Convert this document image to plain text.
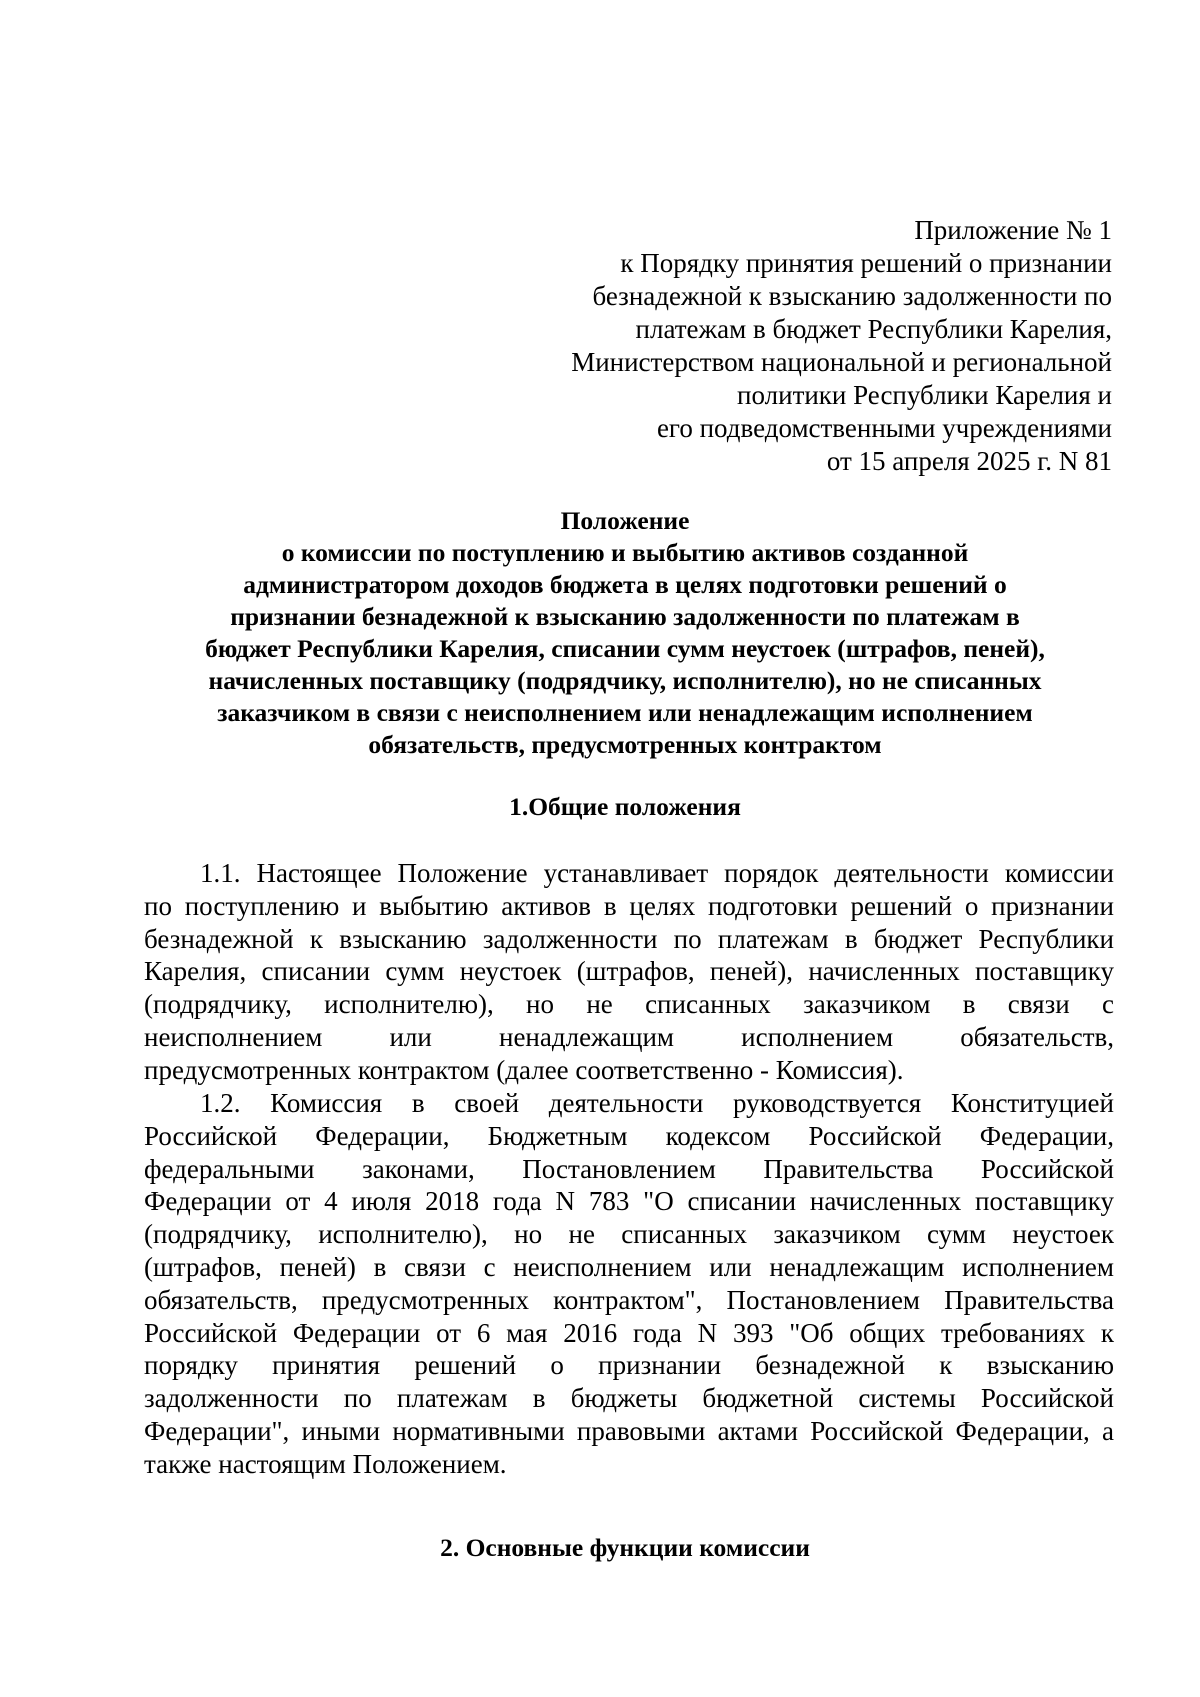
Приложение № 1
к Порядку принятия решений о признании
безнадежной к взысканию задолженности по
платежам в бюджет Республики Карелия,
Министерством национальной и региональной
политики Республики Карелия и
его подведомственными учреждениями
от 15 апреля 2025 г. N 81
Положение
о комиссии по поступлению и выбытию активов созданной
администратором доходов бюджета в целях подготовки решений о
признании безнадежной к взысканию задолженности по платежам в
бюджет Республики Карелия, списании сумм неустоек (штрафов, пеней),
начисленных поставщику (подрядчику, исполнителю), но не списанных
заказчиком в связи с неисполнением или ненадлежащим исполнением
обязательств, предусмотренных контрактом
1.Общие положения
1.1. Настоящее Положение устанавливает порядок деятельности комиссии
по поступлению и выбытию активов в целях подготовки решений о признании
безнадежной к взысканию задолженности по платежам в бюджет Республики
Карелия, списании сумм неустоек (штрафов, пеней), начисленных поставщику
(подрядчику, исполнителю), но не списанных заказчиком в связи с
неисполнением или ненадлежащим исполнением обязательств,
предусмотренных контрактом (далее соответственно - Комиссия).
1.2. Комиссия в своей деятельности руководствуется Конституцией
Российской Федерации, Бюджетным кодексом Российской Федерации,
федеральными законами, Постановлением Правительства Российской
Федерации от 4 июля 2018 года N 783 "О списании начисленных поставщику
(подрядчику, исполнителю), но не списанных заказчиком сумм неустоек
(штрафов, пеней) в связи с неисполнением или ненадлежащим исполнением
обязательств, предусмотренных контрактом", Постановлением Правительства
Российской Федерации от 6 мая 2016 года N 393 "Об общих требованиях к
порядку принятия решений о признании безнадежной к взысканию
задолженности по платежам в бюджеты бюджетной системы Российской
Федерации", иными нормативными правовыми актами Российской Федерации, а
также настоящим Положением.
2. Основные функции комиссии
